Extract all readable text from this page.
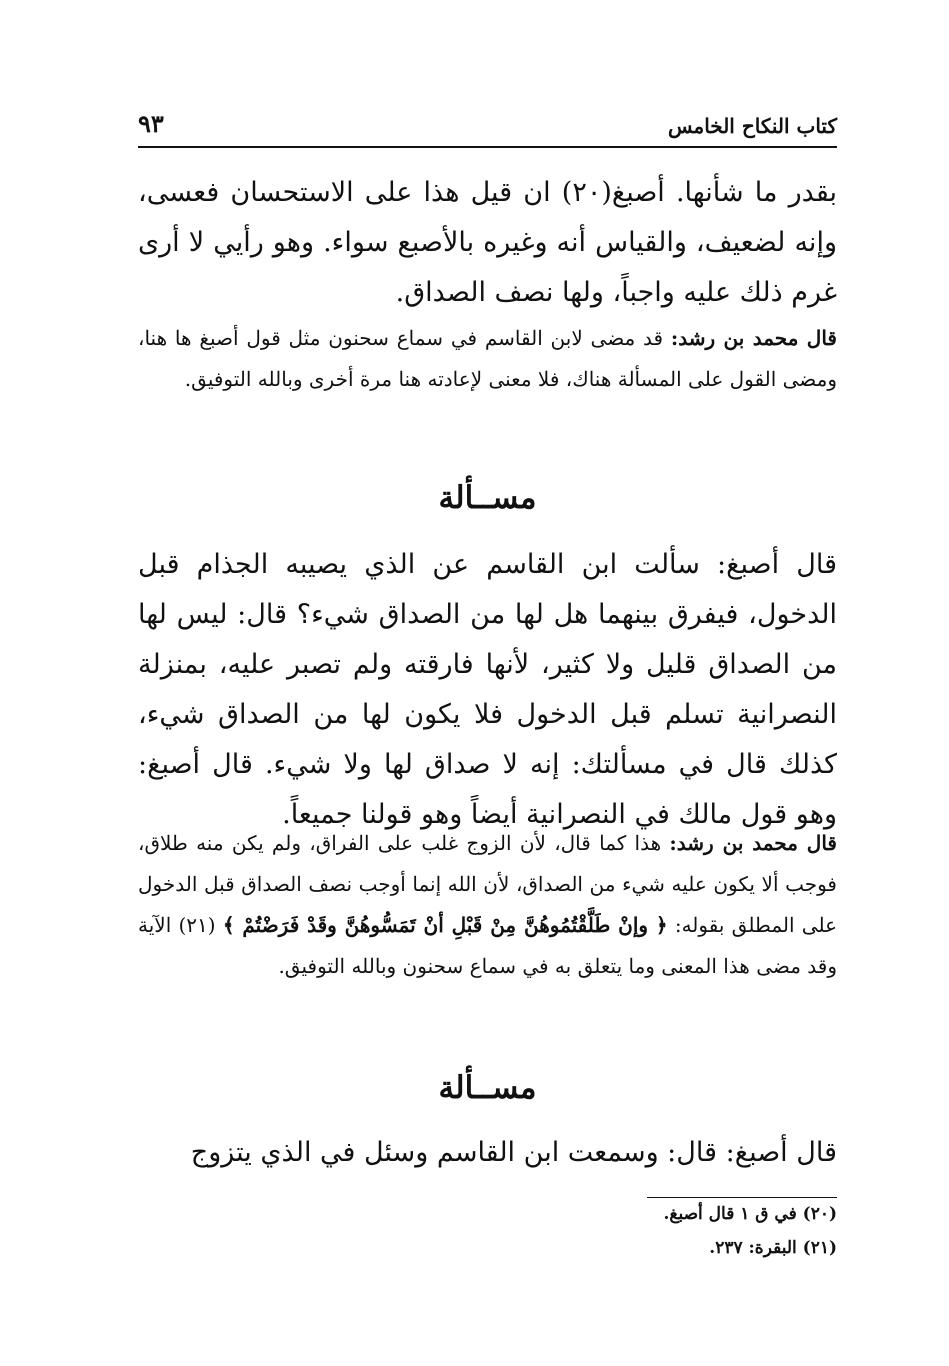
كتاب النكاح الخامس
٩٣
بقدر ما شأنها. أصبغ(٢٠) ان قيل هذا على الاستحسان فعسى، وإنه لضعيف، والقياس أنه وغيره بالأصبع سواء. وهو رأيي لا أرى غرم ذلك عليه واجباً، ولها نصف الصداق.
قال محمد بن رشد: قد مضى لابن القاسم في سماع سحنون مثل قول أصبغ ها هنا، ومضى القول على المسألة هناك، فلا معنى لإعادته هنا مرة أخرى وبالله التوفيق.
مســألة
قال أصبغ: سألت ابن القاسم عن الذي يصيبه الجذام قبل الدخول، فيفرق بينهما هل لها من الصداق شيء؟ قال: ليس لها من الصداق قليل ولا كثير، لأنها فارقته ولم تصبر عليه، بمنزلة النصرانية تسلم قبل الدخول فلا يكون لها من الصداق شيء، كذلك قال في مسألتك: إنه لا صداق لها ولا شيء. قال أصبغ: وهو قول مالك في النصرانية أيضاً وهو قولنا جميعاً.
قال محمد بن رشد: هذا كما قال، لأن الزوج غلب على الفراق، ولم يكن منه طلاق، فوجب ألا يكون عليه شيء من الصداق، لأن الله إنما أوجب نصف الصداق قبل الدخول على المطلق بقوله: ﴿ وإنْ طَلَّقْتُمُوهُنَّ مِنْ قَبْلِ أنْ تَمَسُّوهُنَّ وقَدْ فَرَضْتُمْ ﴾ (٢١) الآية وقد مضى هذا المعنى وما يتعلق به في سماع سحنون وبالله التوفيق.
مســألة
قال أصبغ: قال: وسمعت ابن القاسم وسئل في الذي يتزوج
(٢٠) في ق ١ قال أصبغ.
(٢١) البقرة: ٢٣٧.
